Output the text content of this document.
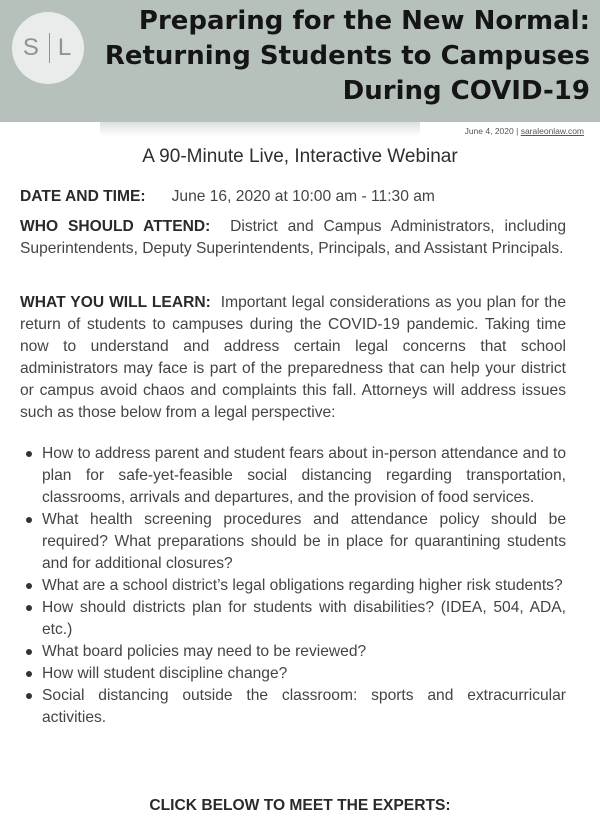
S L
Preparing for the New Normal:
Returning Students to Campuses
During COVID-19
June 4, 2020 | saraleonlaw.com
A 90-Minute Live, Interactive Webinar
DATE AND TIME: June 16, 2020 at 10:00 am - 11:30 am
WHO SHOULD ATTEND: District and Campus Administrators, including Superintendents, Deputy Superintendents, Principals, and Assistant Principals.
WHAT YOU WILL LEARN: Important legal considerations as you plan for the return of students to campuses during the COVID-19 pandemic. Taking time now to understand and address certain legal concerns that school administrators may face is part of the preparedness that can help your district or campus avoid chaos and complaints this fall. Attorneys will address issues such as those below from a legal perspective:
How to address parent and student fears about in-person attendance and to plan for safe-yet-feasible social distancing regarding transportation, classrooms, arrivals and departures, and the provision of food services.
What health screening procedures and attendance policy should be required? What preparations should be in place for quarantining students and for additional closures?
What are a school district’s legal obligations regarding higher risk students?
How should districts plan for students with disabilities? (IDEA, 504, ADA, etc.)
What board policies may need to be reviewed?
How will student discipline change?
Social distancing outside the classroom: sports and extracurricular activities.
CLICK BELOW TO MEET THE EXPERTS:
